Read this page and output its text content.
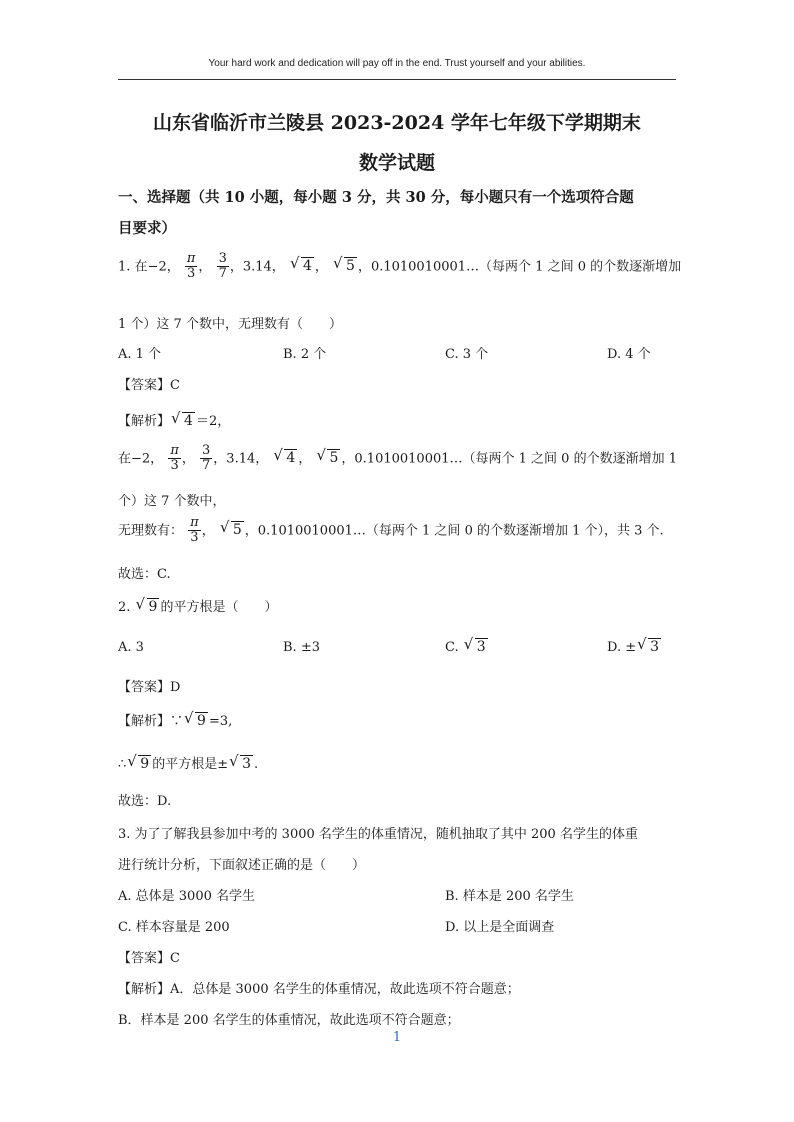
Your hard work and dedication will pay off in the end. Trust yourself and your abilities.
山东省临沂市兰陵县 2023-2024 学年七年级下学期期末
数学试题
一、选择题（共 10 小题，每小题 3 分，共 30 分，每小题只有一个选项符合题
目要求）
1. 在−2， $\frac{\pi}{3}$ ， $\frac{3}{7}$ ，3.14， √ 4 ， √ 5 ，0.1010010001…（每两个 1 之间 0 的个数逐渐增加
1 个）这 7 个数中，无理数有（　　）
A. 1 个	B. 2 个	C. 3 个	D. 4 个
【答案】C
【解析】 √ 4 ＝2，
在−2， $\frac{\pi}{3}$ ， $\frac{3}{7}$ ，3.14， √ 4 ， √ 5 ，0.1010010001…（每两个 1 之间 0 的个数逐渐增加 1
个）这 7 个数中，
无理数有： $\frac{\pi}{3}$ ， √ 5 ，0.1010010001…（每两个 1 之间 0 的个数逐渐增加 1 个），共 3 个.
故选：C.
2. √ 9 的平方根是（　　）
A. 3	B. ±3	C. √ 3	D. ± √ 3
【答案】D
【解析】∵ √ 9 =3,
∴ √ 9 的平方根是± √ 3 .
故选：D.
3. 为了了解我县参加中考的 3000 名学生的体重情况，随机抽取了其中 200 名学生的体重
进行统计分析，下面叙述正确的是（　　）
A. 总体是 3000 名学生	B. 样本是 200 名学生
C. 样本容量是 200	D. 以上是全面调查
【答案】C
【解析】A．总体是 3000 名学生的体重情况，故此选项不符合题意；
B．样本是 200 名学生的体重情况，故此选项不符合题意；
1
